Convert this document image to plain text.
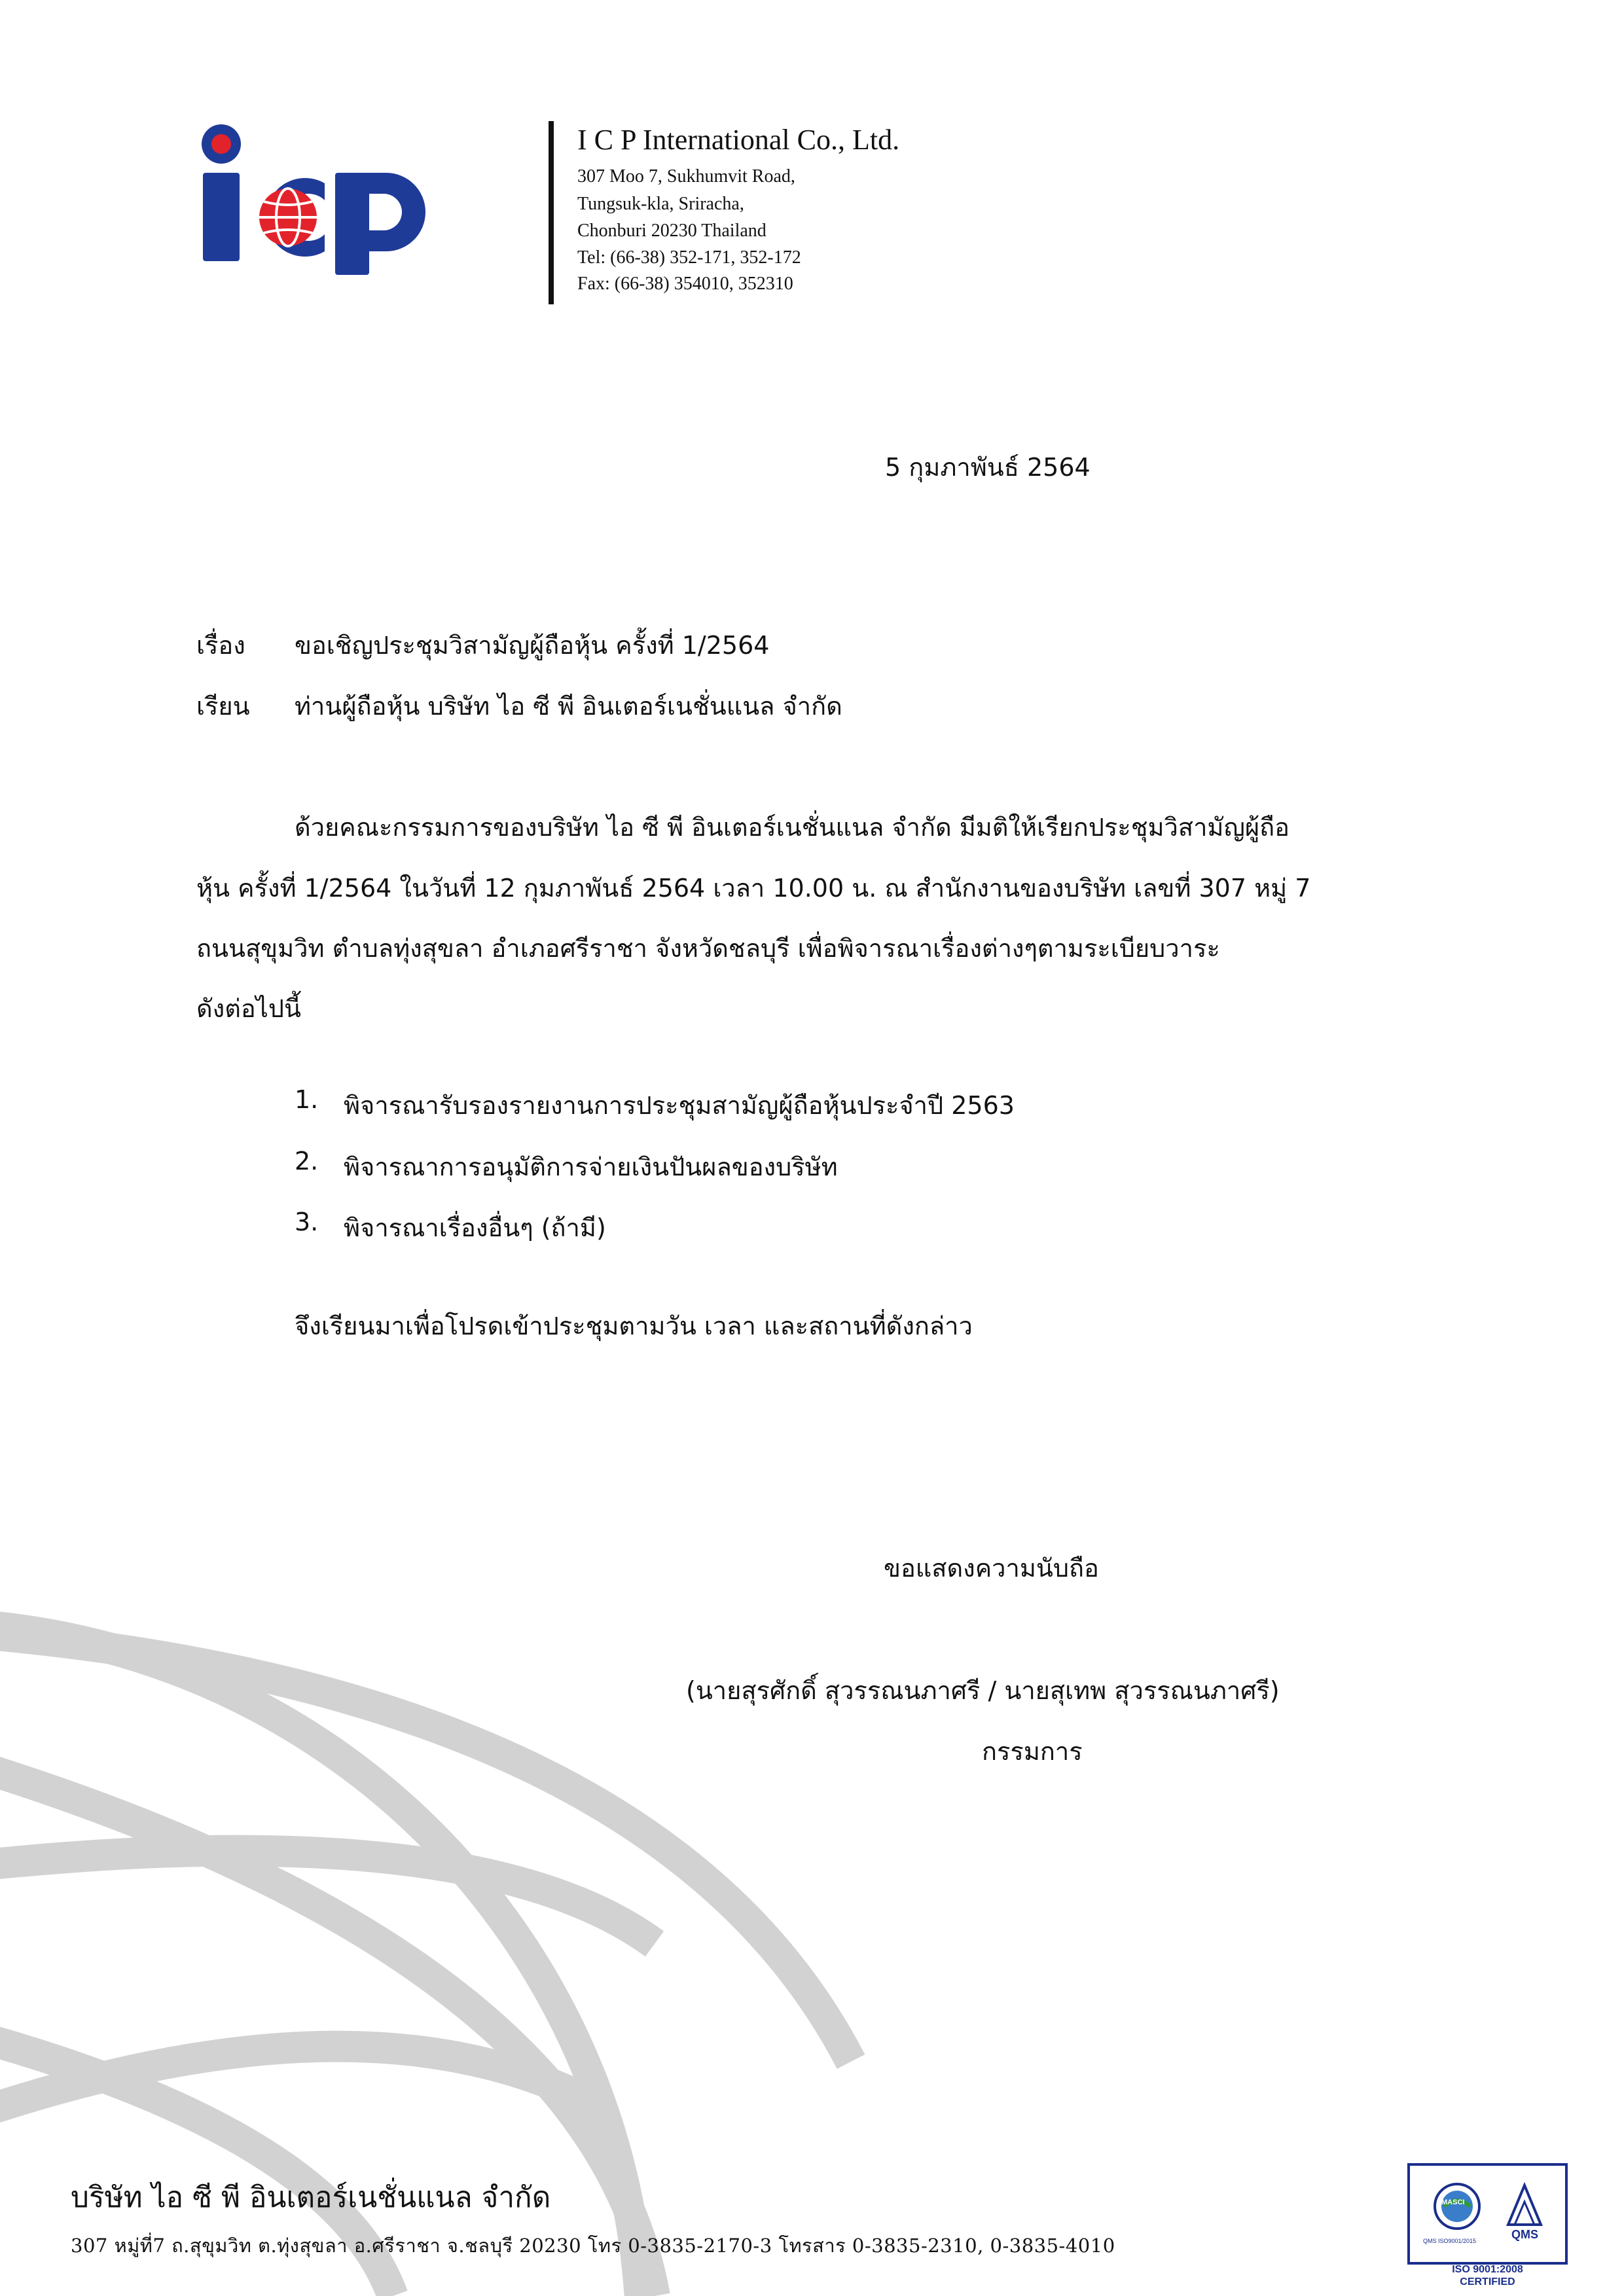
I C P International Co., Ltd.
307 Moo 7, Sukhumvit Road,
Tungsuk-kla, Sriracha,
Chonburi 20230 Thailand
Tel: (66-38) 352-171, 352-172
Fax: (66-38) 354010, 352310
5 กุมภาพันธ์ 2564
เรื่อง ขอเชิญประชุมวิสามัญผู้ถือหุ้น ครั้งที่ 1/2564
เรียน ท่านผู้ถือหุ้น บริษัท ไอ ซี พี อินเตอร์เนชั่นแนล จำกัด
ด้วยคณะกรรมการของบริษัท ไอ ซี พี อินเตอร์เนชั่นแนล จำกัด มีมติให้เรียกประชุมวิสามัญผู้ถือ
หุ้น ครั้งที่ 1/2564 ในวันที่ 12 กุมภาพันธ์ 2564 เวลา 10.00 น. ณ สำนักงานของบริษัท เลขที่ 307 หมู่ 7
ถนนสุขุมวิท ตำบลทุ่งสุขลา อำเภอศรีราชา จังหวัดชลบุรี เพื่อพิจารณาเรื่องต่างๆตามระเบียบวาระ
ดังต่อไปนี้
1. พิจารณารับรองรายงานการประชุมสามัญผู้ถือหุ้นประจำปี 2563
2. พิจารณาการอนุมัติการจ่ายเงินปันผลของบริษัท
3. พิจารณาเรื่องอื่นๆ (ถ้ามี)
จึงเรียนมาเพื่อโปรดเข้าประชุมตามวัน เวลา และสถานที่ดังกล่าว
ขอแสดงความนับถือ
(นายสุรศักดิ์ สุวรรณนภาศรี / นายสุเทพ สุวรรณนภาศรี)
กรรมการ
บริษัท ไอ ซี พี อินเตอร์เนชั่นแนล จำกัด
307 หมู่ที่7 ถ.สุขุมวิท ต.ทุ่งสุขลา อ.ศรีราชา จ.ชลบุรี 20230 โทร 0-3835-2170-3 โทรสาร 0-3835-2310, 0-3835-4010
MASCI
QMS
QMS ISO9001/2015
ISO 9001:2008
CERTIFIED
